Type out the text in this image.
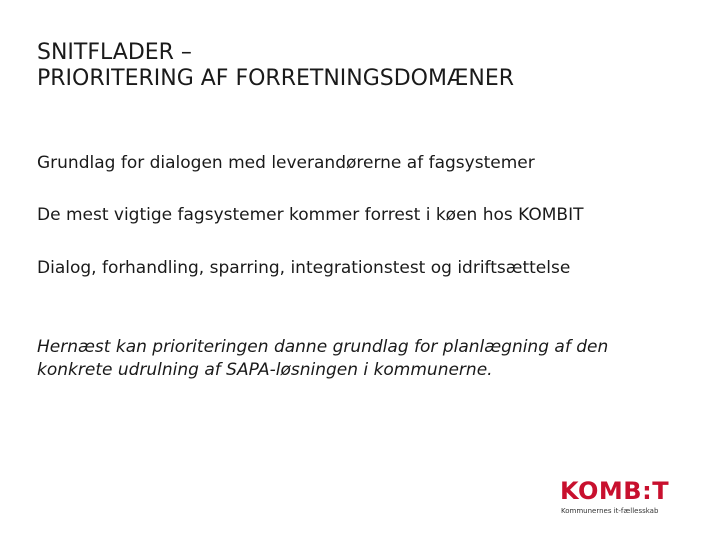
SNITFLADER –
PRIORITERING AF FORRETNINGSDOMÆNER
Grundlag for dialogen med leverandørerne af fagsystemer
De mest vigtige fagsystemer kommer forrest i køen hos KOMBIT
Dialog, forhandling, sparring, integrationstest og idriftsættelse
Hernæst kan prioriteringen danne grundlag for planlægning af den konkrete udrulning af SAPA-løsningen i kommunerne.
KOMB:T
Kommunernes it-fællesskab
